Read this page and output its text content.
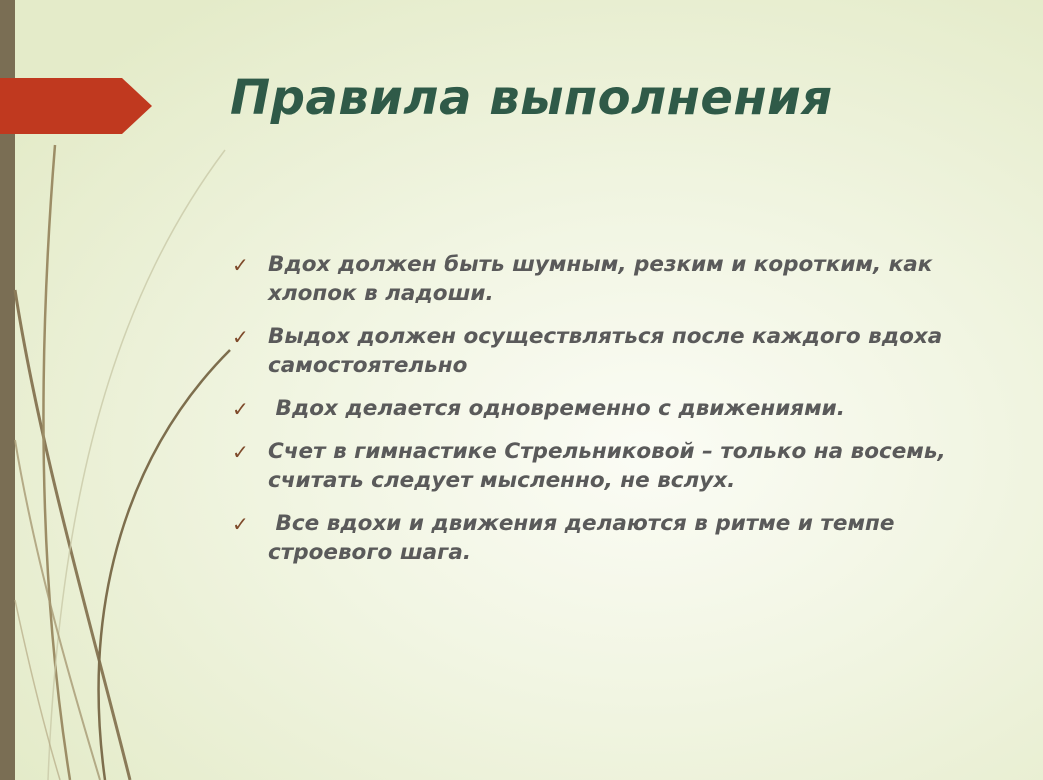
Правила выполнения
✓ Вдох должен быть шумным, резким и коротким, как хлопок в ладоши.
✓ Выдох должен осуществляться после каждого вдоха самостоятельно
✓ Вдох делается одновременно с движениями.
✓ Счет в гимнастике Стрельниковой – только на восемь, считать следует мысленно, не вслух.
✓ Все вдохи и движения делаются в ритме и темпе строевого шага.
